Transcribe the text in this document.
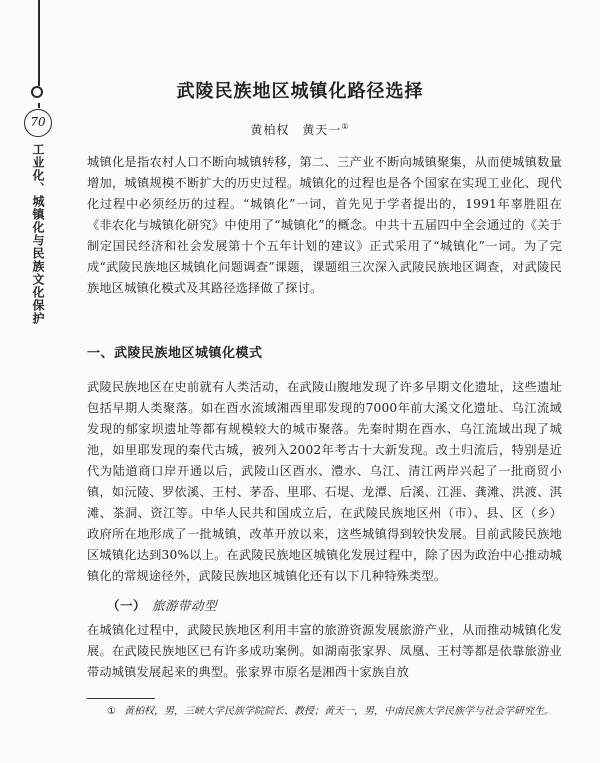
70
工业化、城镇化与民族文化保护
武陵民族地区城镇化路径选择
黄柏权　黄天一①

城镇化是指农村人口不断向城镇转移，第二、三产业不断向城镇聚集，从而使城镇数量增加，城镇规模不断扩大的历史过程。城镇化的过程也是各个国家在实现工业化、现代化过程中必须经历的过程。“城镇化”一词，首先见于学者提出的，1991年辜胜阻在《非农化与城镇化研究》中使用了“城镇化”的概念。中共十五届四中全会通过的《关于制定国民经济和社会发展第十个五年计划的建议》正式采用了“城镇化”一词。为了完成“武陵民族地区城镇化问题调查”课题，课题组三次深入武陵民族地区调查，对武陵民族地区城镇化模式及其路径选择做了探讨。

一、武陵民族地区城镇化模式

武陵民族地区在史前就有人类活动，在武陵山腹地发现了许多早期文化遗址，这些遗址包括早期人类聚落。如在酉水流域湘西里耶发现的7000年前大溪文化遗址、乌江流域发现的郁家坝遗址等都有规模较大的城市聚落。先秦时期在酉水、乌江流域出现了城池，如里耶发现的秦代古城，被列入2002年考古十大新发现。改土归流后，特别是近代为陆道商口岸开通以后，武陵山区酉水、澧水、乌江、清江两岸兴起了一批商贸小镇，如沅陵、罗依溪、王村、茅岙、里耶、石堤、龙潭、后溪、江涯、龚滩、洪渡、淇滩、茶洞、资江等。中华人民共和国成立后，在武陵民族地区州（市）、县、区（乡）政府所在地形成了一批城镇，改革开放以来，这些城镇得到较快发展。目前武陵民族地区城镇化达到30%以上。在武陵民族地区城镇化发展过程中，除了因为政治中心推动城镇化的常规途径外，武陵民族地区城镇化还有以下几种特殊类型。

（一） 旅游带动型

在城镇化过程中，武陵民族地区利用丰富的旅游资源发展旅游产业，从而推动城镇化发展。在武陵民族地区已有许多成功案例。如湖南张家界、凤凰、王村等都是依靠旅游业带动城镇发展起来的典型。张家界市原名是湘西十家族自放

① 黄柏权，男，三峡大学民族学院院长、教授；黄天一，男，中南民族大学民族学与社会学研究生。
